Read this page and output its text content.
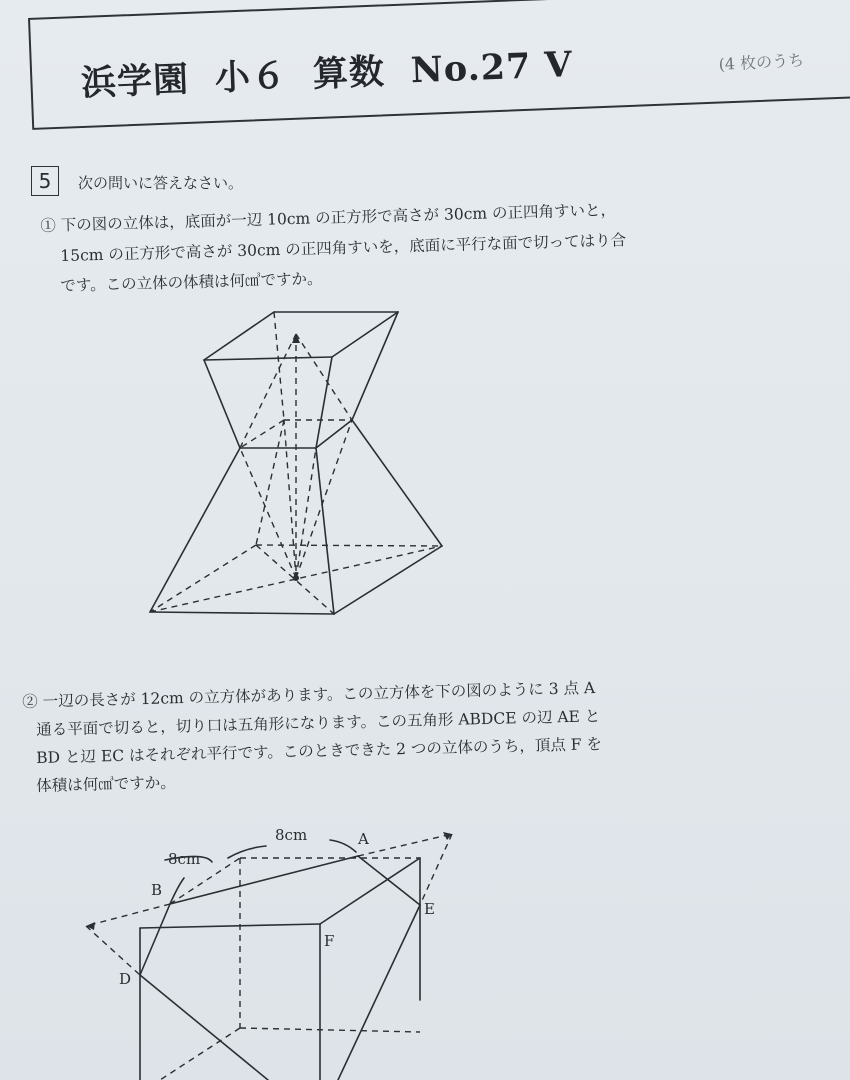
浜学園 小６ 算数 No.27 V	(4 枚のうち
5	次の問いに答えなさい。
① 下の図の立体は，底面が一辺 10cm の正方形で高さが 30cm の正四角すいと，
15cm の正方形で高さが 30cm の正四角すいを，底面に平行な面で切ってはり合
です。この立体の体積は何㎤ですか。
② 一辺の長さが 12cm の立方体があります。この立方体を下の図のように 3 点 A
通る平面で切ると，切り口は五角形になります。この五角形 ABDCE の辺 AE と
BD と辺 EC はそれぞれ平行です。このときできた 2 つの立体のうち，頂点 F を
体積は何㎤ですか。
8cm
8cm
A
B
D
E
F
